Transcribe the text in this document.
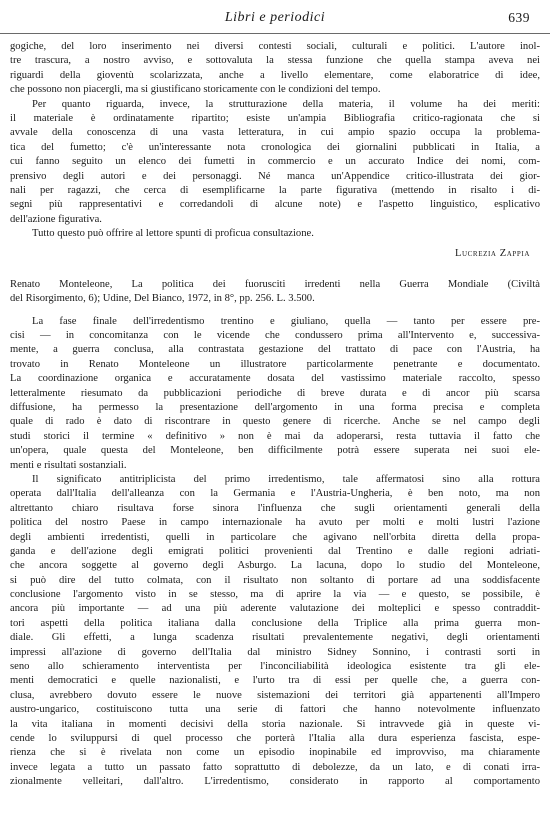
Libri e periodici	639
gogiche, del loro inserimento nei diversi contesti sociali, culturali e politici. L'autore inol-
tre trascura, a nostro avviso, e sottovaluta la stessa funzione che quella stampa aveva nei
riguardi della gioventù scolarizzata, anche a livello elementare, come elaboratrice di idee,
che possono non piacergli, ma si giustificano storicamente con le condizioni del tempo.
Per quanto riguarda, invece, la strutturazione della materia, il volume ha dei meriti:
il materiale è ordinatamente ripartito; esiste un'ampia Bibliografia critico-ragionata che si
avvale della conoscenza di una vasta letteratura, in cui ampio spazio occupa la problema-
tica del fumetto; c'è un'interessante nota cronologica dei giornalini pubblicati in Italia, a
cui fanno seguito un elenco dei fumetti in commercio e un accurato Indice dei nomi, com-
prensivo degli autori e dei personaggi. Né manca un'Appendice critico-illustrata dei gior-
nali per ragazzi, che cerca di esemplificarne la parte figurativa (mettendo in risalto i di-
segni più rappresentativi e corredandoli di alcune note) e l'aspetto linguistico, esplicativo
dell'azione figurativa.
Tutto questo può offrire al lettore spunti di proficua consultazione.
Lucrezia Zappia
Renato Monteleone, La politica dei fuorusciti irredenti nella Guerra Mondiale (Civiltà
del Risorgimento, 6); Udine, Del Bianco, 1972, in 8°, pp. 256. L. 3.500.
La fase finale dell'irredentismo trentino e giuliano, quella — tanto per essere pre-
cisi — in concomitanza con le vicende che condussero prima all'Intervento e, successiva-
mente, a guerra conclusa, alla contrastata gestazione del trattato di pace con l'Austria, ha
trovato in Renato Monteleone un illustratore particolarmente penetrante e documentato.
La coordinazione organica e accuratamente dosata del vastissimo materiale raccolto, spesso
letteralmente riesumato da pubblicazioni periodiche di breve durata e di ancor più scarsa
diffusione, ha permesso la presentazione dell'argomento in una forma precisa e completa
quale di rado è dato di riscontrare in questo genere di ricerche. Anche se nel campo degli
studi storici il termine « definitivo » non è mai da adoperarsi, resta tuttavia il fatto che
un'opera, quale questa del Monteleone, ben difficilmente potrà essere superata nei suoi ele-
menti e risultati sostanziali.
Il significato antitriplicista del primo irredentismo, tale affermatosi sino alla rottura
operata dall'Italia dell'alleanza con la Germania e l'Austria-Ungheria, è ben noto, ma non
altrettanto chiaro risultava forse sinora l'influenza che sugli orientamenti generali della
politica del nostro Paese in campo internazionale ha avuto per molti e molti lustri l'azione
degli ambienti irredentisti, quelli in particolare che agivano nell'orbita diretta della propa-
ganda e dell'azione degli emigrati politici provenienti dal Trentino e dalle regioni adriati-
che ancora soggette al governo degli Asburgo. La lacuna, dopo lo studio del Monteleone,
si può dire del tutto colmata, con il risultato non soltanto di portare ad una soddisfacente
conclusione l'argomento visto in se stesso, ma di aprire la via — e questo, se possibile, è
ancora più importante — ad una più aderente valutazione dei molteplici e spesso contraddit-
tori aspetti della politica italiana dalla conclusione della Triplice alla prima guerra mon-
diale. Gli effetti, a lunga scadenza risultati prevalentemente negativi, degli orientamenti
impressi all'azione di governo dell'Italia dal ministro Sidney Sonnino, i contrasti sorti in
seno allo schieramento interventista per l'inconciliabilità ideologica esistente tra gli ele-
menti democratici e quelle nazionalisti, e l'urto tra di essi per quelle che, a guerra con-
clusa, avrebbero dovuto essere le nuove sistemazioni dei territori già appartenenti all'Impero
austro-ungarico, costituiscono tutta una serie di fattori che hanno notevolmente influenzato
la vita italiana in momenti decisivi della storia nazionale. Si intravvede già in queste vi-
cende lo sviluppursi di quel processo che porterà l'Italia alla dura esperienza fascista, espe-
rienza che si è rivelata non come un episodio inopinabile ed improvviso, ma chiaramente
invece legata a tutto un passato fatto soprattutto di debolezze, da un lato, e di conati irra-
zionalmente velleitari, dall'altro. L'irredentismo, considerato in rapporto al comportamento
